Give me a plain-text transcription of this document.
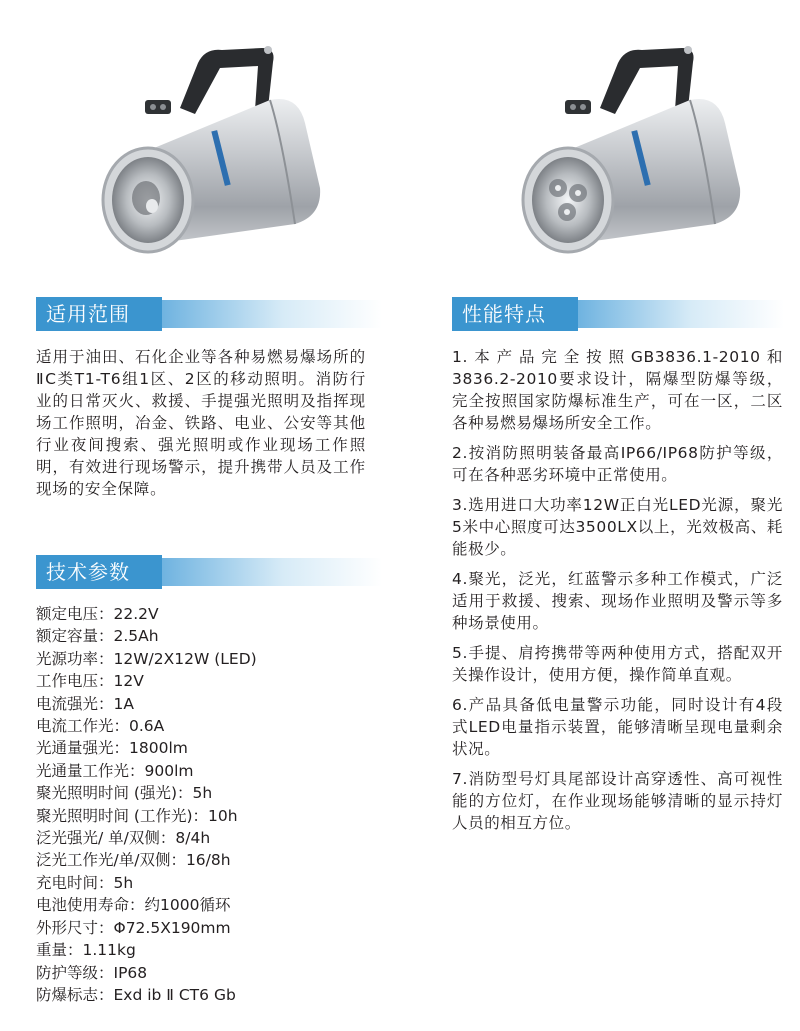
适用范围
适用于油田、石化企业等各种易燃易爆场所的ⅡC类T1-T6组1区、2区的移动照明。消防行业的日常灭火、救援、手提强光照明及指挥现场工作照明，冶金、铁路、电业、公安等其他行业夜间搜索、强光照明或作业现场工作照明，有效进行现场警示，提升携带人员及工作现场的安全保障。
性能特点
1.本产品完全按照GB3836.1-2010和3836.2-2010要求设计，隔爆型防爆等级，完全按照国家防爆标准生产，可在一区，二区各种易燃易爆场所安全工作。
2.按消防照明装备最高IP66/IP68防护等级，可在各种恶劣环境中正常使用。
3.选用进口大功率12W正白光LED光源，聚光5米中心照度可达3500LX以上，光效极高、耗能极少。
4.聚光，泛光，红蓝警示多种工作模式，广泛适用于救援、搜索、现场作业照明及警示等多种场景使用。
5.手提、肩挎携带等两种使用方式，搭配双开关操作设计，使用方便，操作简单直观。
6.产品具备低电量警示功能，同时设计有4段式LED电量指示装置，能够清晰呈现电量剩余状况。
7.消防型号灯具尾部设计高穿透性、高可视性能的方位灯，在作业现场能够清晰的显示持灯人员的相互方位。
技术参数
额定电压：22.2V
额定容量：2.5Ah
光源功率：12W/2X12W (LED)
工作电压：12V
电流强光：1A
电流工作光：0.6A
光通量强光：1800lm
光通量工作光：900lm
聚光照明时间 (强光)：5h
聚光照明时间 (工作光)：10h
泛光强光/ 单/双侧：8/4h
泛光工作光/单/双侧：16/8h
充电时间：5h
电池使用寿命：约1000循环
外形尺寸：Φ72.5X190mm
重量：1.11kg
防护等级：IP68
防爆标志：Exd ib Ⅱ CT6 Gb
